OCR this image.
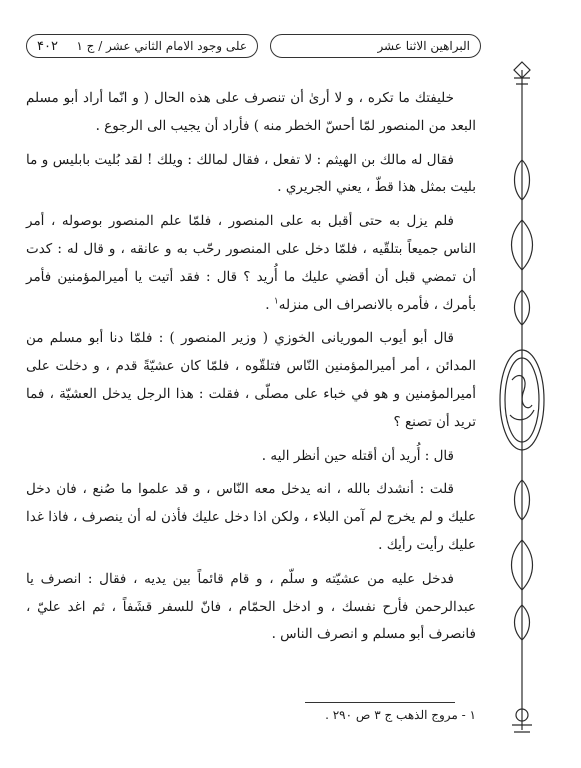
على وجود الامام الثاني عشر / ج ١
۴۰۲	البراهين الاثنا عشر

خليفتك ما تكره ، و لا أرىٰ أن تنصرف على هذه الحال ( و انّما أراد أبو مسلم البعد من المنصور لمّا أحسّ الخطر منه ) فأراد أن يجيب الى الرجوع .

فقال له مالك بن الهيثم : لا تفعل ، فقال لمالك : ويلك ! لقد بُليت بابليس و ما بليت بمثل هذا قطّ ، يعني الجريري .

فلم يزل به حتى أقبل به على المنصور ، فلمّا علم المنصور بوصوله ، أمر الناس جميعاً بتلقّيه ، فلمّا دخل على المنصور رحّب به و عانقه ، و قال له : كدت أن تمضي قبل أن أقضي عليك ما أُريد ؟ قال : فقد أتيت يا أميرالمؤمنين فأمر بأمرك ، فأمره بالانصراف الى منزله$^١$ .

قال أبو أيوب الموريانى الخوزي ( وزير المنصور ) : فلمّا دنا أبو مسلم من المدائن ، أمر أميرالمؤمنين النّاس فتلقّوه ، فلمّا كان عشيّةً قدم ، و دخلت على أميرالمؤمنين و هو في خباء على مصلّى ، فقلت : هذا الرجل يدخل العشيّة ، فما تريد أن تصنع ؟

قال : أُريد أن أقتله حين أنظر اليه .

قلت : أنشدك بالله ، انه يدخل معه النّاس ، و قد علموا ما صُنع ، فان دخل عليك و لم يخرج لم آمن البلاء ، ولكن اذا دخل عليك فأذن له أن ينصرف ، فاذا غدا عليك رأيت رأيك .

فدخل عليه من عشيّته و سلّم ، و قام قائماً بين يديه ، فقال : انصرف يا عبدالرحمن فأرح نفسك ، و ادخل الحمّام ، فانّ للسفر قشَفاً ، ثم اغد عليّ ، فانصرف أبو مسلم و انصرف الناس .

١ - مروج الذهب ج ٣ ص ٢٩٠ .
